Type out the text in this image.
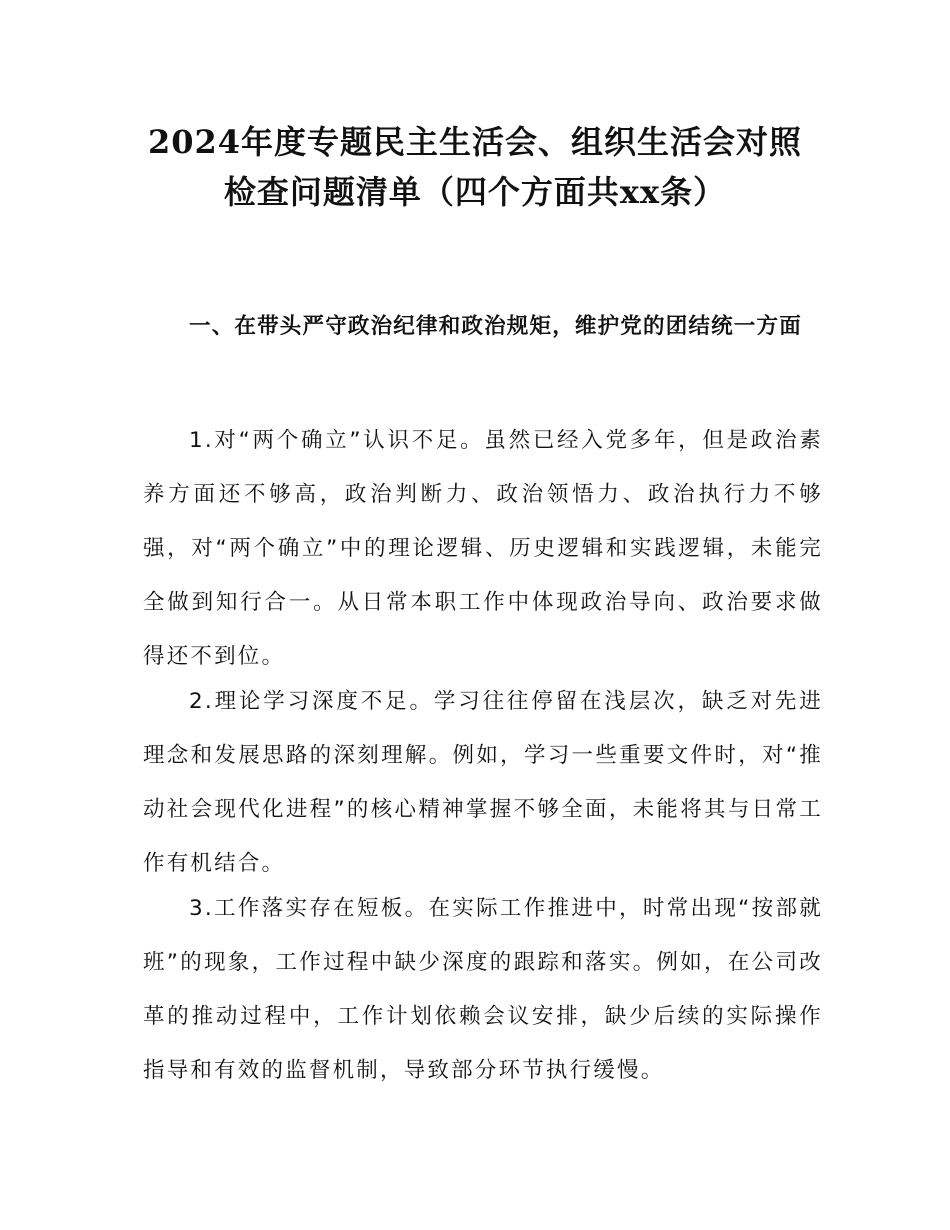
2024年度专题民主生活会、组织生活会对照
检查问题清单（四个方面共xx条）

一、在带头严守政治纪律和政治规矩，维护党的团结统一方面

1.对“两个确立”认识不足。虽然已经入党多年，但是政治素养方面还不够高，政治判断力、政治领悟力、政治执行力不够强，对“两个确立”中的理论逻辑、历史逻辑和实践逻辑，未能完全做到知行合一。从日常本职工作中体现政治导向、政治要求做得还不到位。

2.理论学习深度不足。学习往往停留在浅层次，缺乏对先进理念和发展思路的深刻理解。例如，学习一些重要文件时，对“推动社会现代化进程”的核心精神掌握不够全面，未能将其与日常工作有机结合。

3.工作落实存在短板。在实际工作推进中，时常出现“按部就班”的现象，工作过程中缺少深度的跟踪和落实。例如，在公司改革的推动过程中，工作计划依赖会议安排，缺少后续的实际操作指导和有效的监督机制，导致部分环节执行缓慢。
